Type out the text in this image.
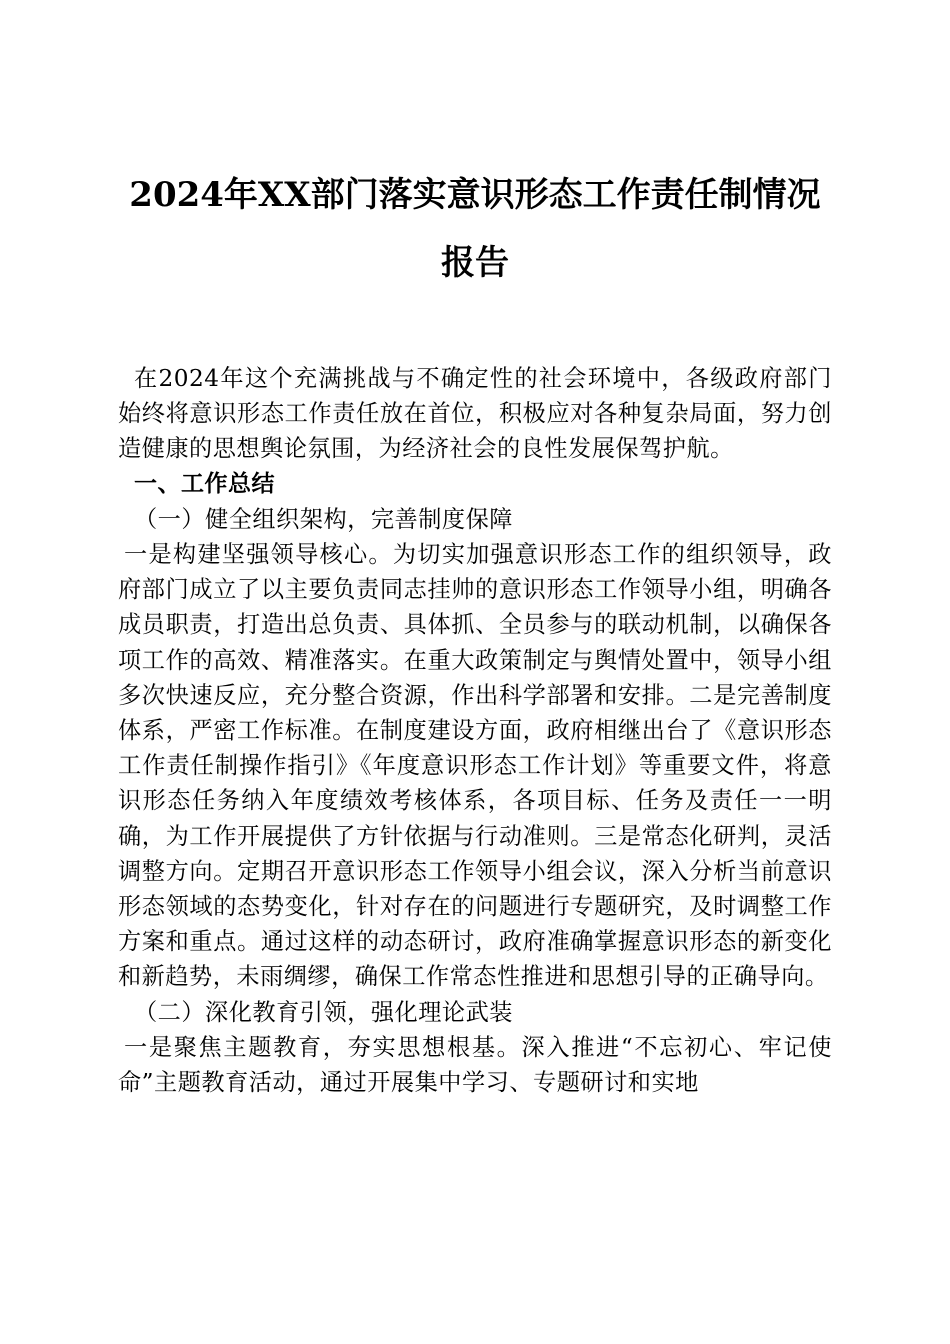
2024年XX部门落实意识形态工作责任制情况
报告

在2024年这个充满挑战与不确定性的社会环境中，各级政府部门始终将意识形态工作责任放在首位，积极应对各种复杂局面，努力创造健康的思想舆论氛围，为经济社会的良性发展保驾护航。

一、工作总结

（一）健全组织架构，完善制度保障

一是构建坚强领导核心。为切实加强意识形态工作的组织领导，政府部门成立了以主要负责同志挂帅的意识形态工作领导小组，明确各成员职责，打造出总负责、具体抓、全员参与的联动机制，以确保各项工作的高效、精准落实。在重大政策制定与舆情处置中，领导小组多次快速反应，充分整合资源，作出科学部署和安排。二是完善制度体系，严密工作标准。在制度建设方面，政府相继出台了《意识形态工作责任制操作指引》《年度意识形态工作计划》等重要文件，将意识形态任务纳入年度绩效考核体系，各项目标、任务及责任一一明确，为工作开展提供了方针依据与行动准则。三是常态化研判，灵活调整方向。定期召开意识形态工作领导小组会议，深入分析当前意识形态领域的态势变化，针对存在的问题进行专题研究，及时调整工作方案和重点。通过这样的动态研讨，政府准确掌握意识形态的新变化和新趋势，未雨绸缪，确保工作常态性推进和思想引导的正确导向。

（二）深化教育引领，强化理论武装

一是聚焦主题教育，夯实思想根基。深入推进“不忘初心、牢记使命”主题教育活动，通过开展集中学习、专题研讨和实地
